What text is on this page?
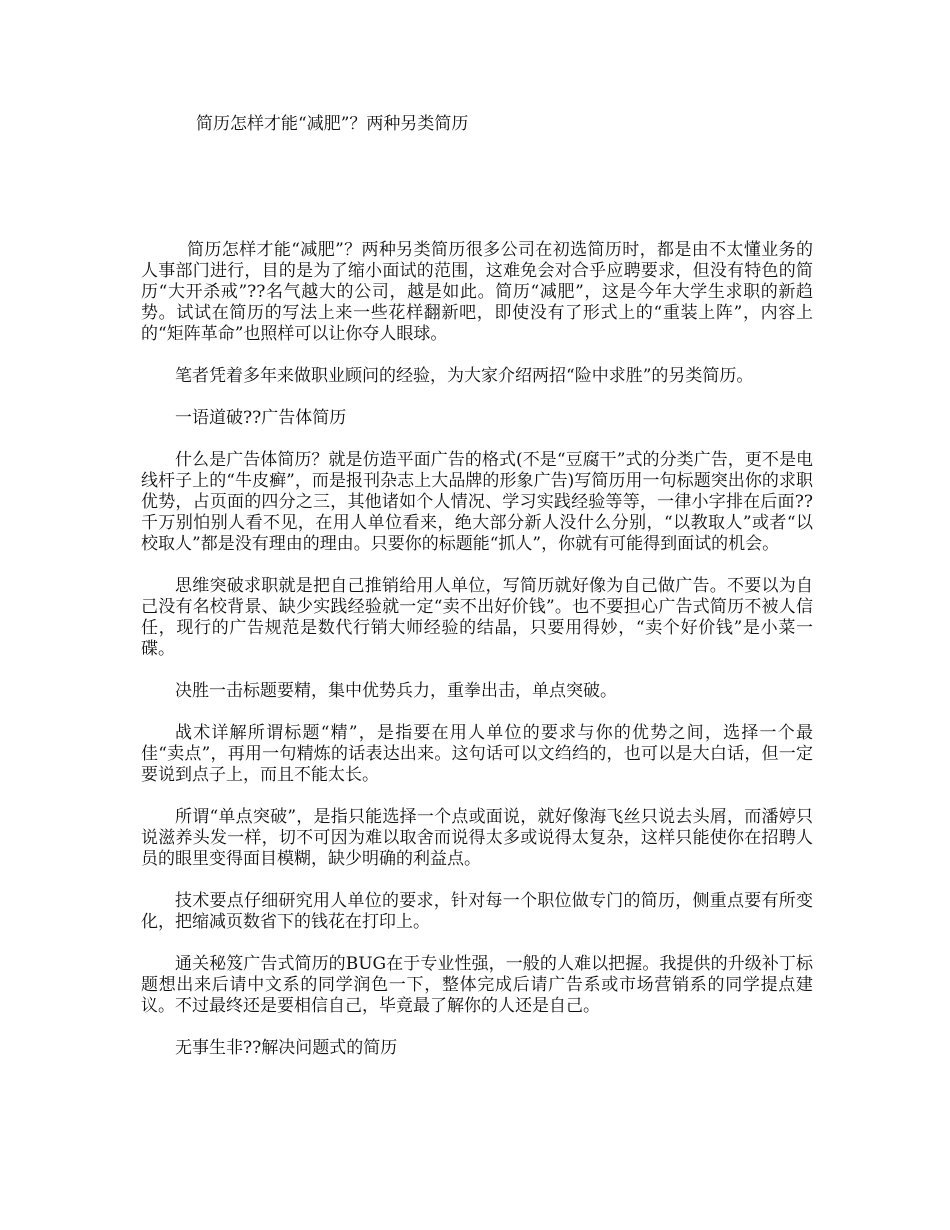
简历怎样才能“减肥”？两种另类简历

简历怎样才能“减肥”？两种另类简历很多公司在初选简历时，都是由不太懂业务的人事部门进行，目的是为了缩小面试的范围，这难免会对合乎应聘要求，但没有特色的简历“大开杀戒”??名气越大的公司，越是如此。简历“减肥”，这是今年大学生求职的新趋势。试试在简历的写法上来一些花样翻新吧，即使没有了形式上的“重装上阵”，内容上的“矩阵革命”也照样可以让你夺人眼球。

笔者凭着多年来做职业顾问的经验，为大家介绍两招“险中求胜”的另类简历。

一语道破??广告体简历

什么是广告体简历？就是仿造平面广告的格式(不是“豆腐干”式的分类广告，更不是电线杆子上的“牛皮癣”，而是报刊杂志上大品牌的形象广告)写简历用一句标题突出你的求职优势，占页面的四分之三，其他诸如个人情况、学习实践经验等等，一律小字排在后面??千万别怕别人看不见，在用人单位看来，绝大部分新人没什么分别，“以教取人”或者“以校取人”都是没有理由的理由。只要你的标题能“抓人”，你就有可能得到面试的机会。

思维突破求职就是把自己推销给用人单位，写简历就好像为自己做广告。不要以为自己没有名校背景、缺少实践经验就一定“卖不出好价钱”。也不要担心广告式简历不被人信任，现行的广告规范是数代行销大师经验的结晶，只要用得妙，“卖个好价钱”是小菜一碟。

决胜一击标题要精，集中优势兵力，重拳出击，单点突破。

战术详解所谓标题“精”，是指要在用人单位的要求与你的优势之间，选择一个最佳“卖点”，再用一句精炼的话表达出来。这句话可以文绉绉的，也可以是大白话，但一定要说到点子上，而且不能太长。

所谓“单点突破”，是指只能选择一个点或面说，就好像海飞丝只说去头屑，而潘婷只说滋养头发一样，切不可因为难以取舍而说得太多或说得太复杂，这样只能使你在招聘人员的眼里变得面目模糊，缺少明确的利益点。

技术要点仔细研究用人单位的要求，针对每一个职位做专门的简历，侧重点要有所变化，把缩减页数省下的钱花在打印上。

通关秘笈广告式简历的BUG在于专业性强，一般的人难以把握。我提供的升级补丁标题想出来后请中文系的同学润色一下，整体完成后请广告系或市场营销系的同学提点建议。不过最终还是要相信自己，毕竟最了解你的人还是自己。

无事生非??解决问题式的简历
